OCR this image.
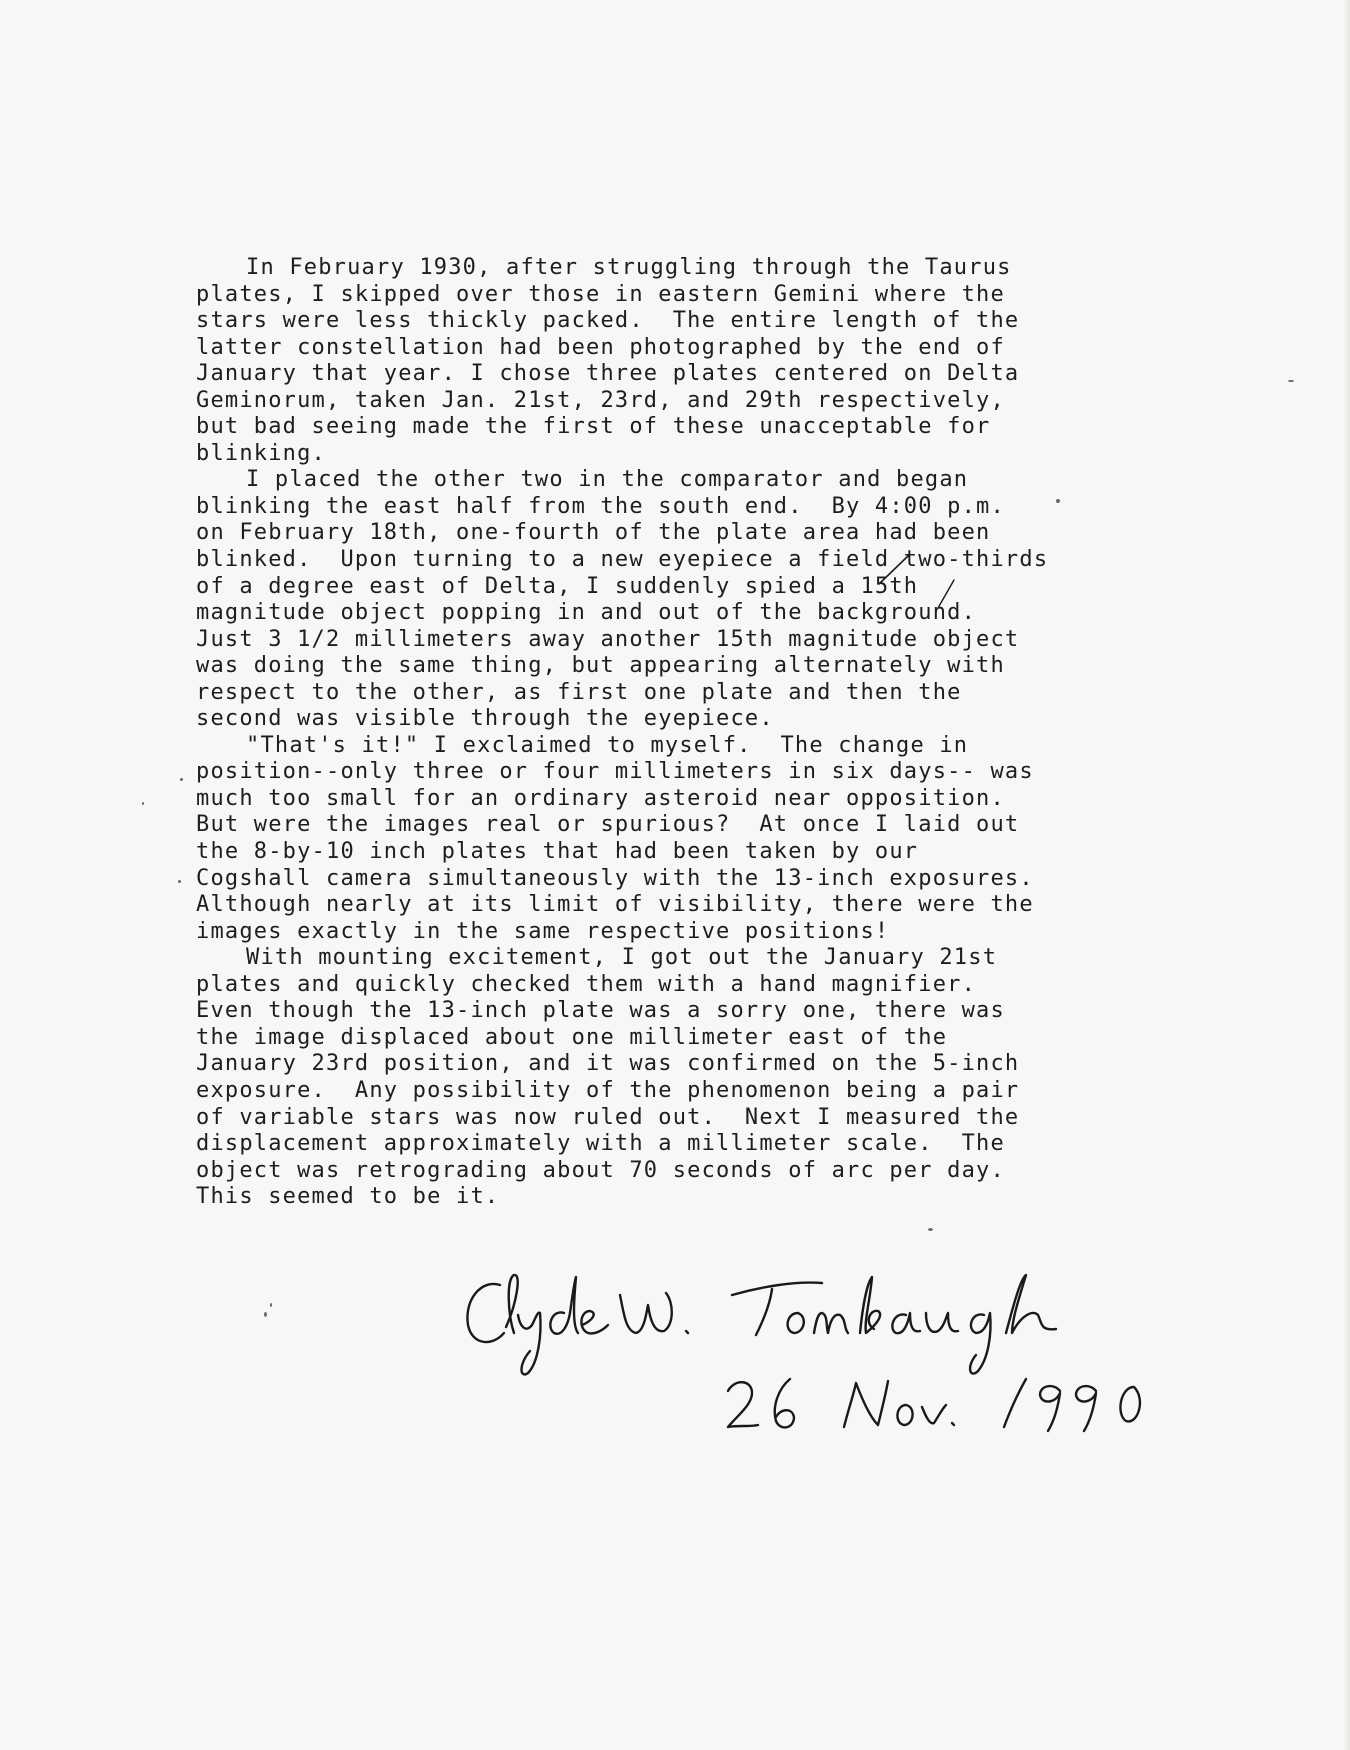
In February 1930, after struggling through the Taurus
plates, I skipped over those in eastern Gemini where the
stars were less thickly packed.  The entire length of the
latter constellation had been photographed by the end of
January that year. I chose three plates centered on Delta
Geminorum, taken Jan. 21st, 23rd, and 29th respectively,
but bad seeing made the first of these unacceptable for
blinking.
I placed the other two in the comparator and began
blinking the east half from the south end.  By 4:00 p.m.
on February 18th, one-fourth of the plate area had been
blinked.  Upon turning to a new eyepiece a field two-thirds
of a degree east of Delta, I suddenly spied a 15th
magnitude object popping in and out of the background.
Just 3 1/2 millimeters away another 15th magnitude object
was doing the same thing, but appearing alternately with
respect to the other, as first one plate and then the
second was visible through the eyepiece.
"That's it!" I exclaimed to myself.  The change in
position--only three or four millimeters in six days-- was
much too small for an ordinary asteroid near opposition.
But were the images real or spurious?  At once I laid out
the 8-by-10 inch plates that had been taken by our
Cogshall camera simultaneously with the 13-inch exposures.
Although nearly at its limit of visibility, there were the
images exactly in the same respective positions!
With mounting excitement, I got out the January 21st
plates and quickly checked them with a hand magnifier.
Even though the 13-inch plate was a sorry one, there was
the image displaced about one millimeter east of the
January 23rd position, and it was confirmed on the 5-inch
exposure.  Any possibility of the phenomenon being a pair
of variable stars was now ruled out.  Next I measured the
displacement approximately with a millimeter scale.  The
object was retrograding about 70 seconds of arc per day.
This seemed to be it.
